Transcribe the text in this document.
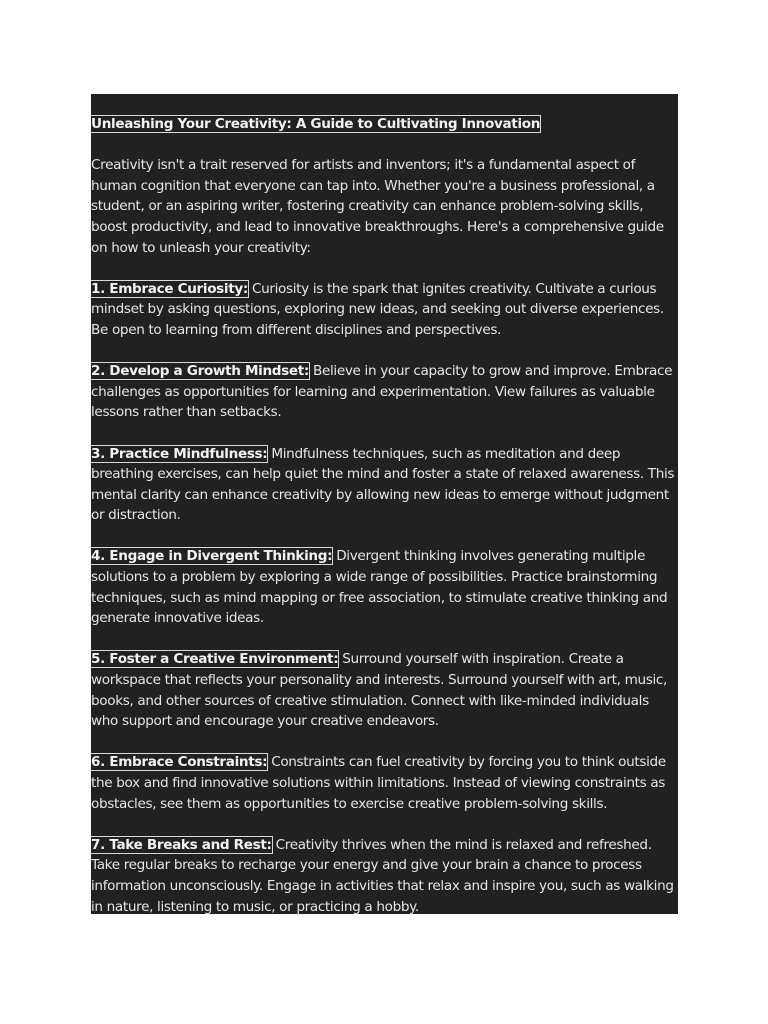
Unleashing Your Creativity: A Guide to Cultivating Innovation

Creativity isn't a trait reserved for artists and inventors; it's a fundamental aspect of human cognition that everyone can tap into. Whether you're a business professional, a student, or an aspiring writer, fostering creativity can enhance problem-solving skills, boost productivity, and lead to innovative breakthroughs. Here's a comprehensive guide on how to unleash your creativity:

1. Embrace Curiosity: Curiosity is the spark that ignites creativity. Cultivate a curious mindset by asking questions, exploring new ideas, and seeking out diverse experiences. Be open to learning from different disciplines and perspectives.

2. Develop a Growth Mindset: Believe in your capacity to grow and improve. Embrace challenges as opportunities for learning and experimentation. View failures as valuable lessons rather than setbacks.

3. Practice Mindfulness: Mindfulness techniques, such as meditation and deep breathing exercises, can help quiet the mind and foster a state of relaxed awareness. This mental clarity can enhance creativity by allowing new ideas to emerge without judgment or distraction.

4. Engage in Divergent Thinking: Divergent thinking involves generating multiple solutions to a problem by exploring a wide range of possibilities. Practice brainstorming techniques, such as mind mapping or free association, to stimulate creative thinking and generate innovative ideas.

5. Foster a Creative Environment: Surround yourself with inspiration. Create a workspace that reflects your personality and interests. Surround yourself with art, music, books, and other sources of creative stimulation. Connect with like-minded individuals who support and encourage your creative endeavors.

6. Embrace Constraints: Constraints can fuel creativity by forcing you to think outside the box and find innovative solutions within limitations. Instead of viewing constraints as obstacles, see them as opportunities to exercise creative problem-solving skills.

7. Take Breaks and Rest: Creativity thrives when the mind is relaxed and refreshed. Take regular breaks to recharge your energy and give your brain a chance to process information unconsciously. Engage in activities that relax and inspire you, such as walking in nature, listening to music, or practicing a hobby.
